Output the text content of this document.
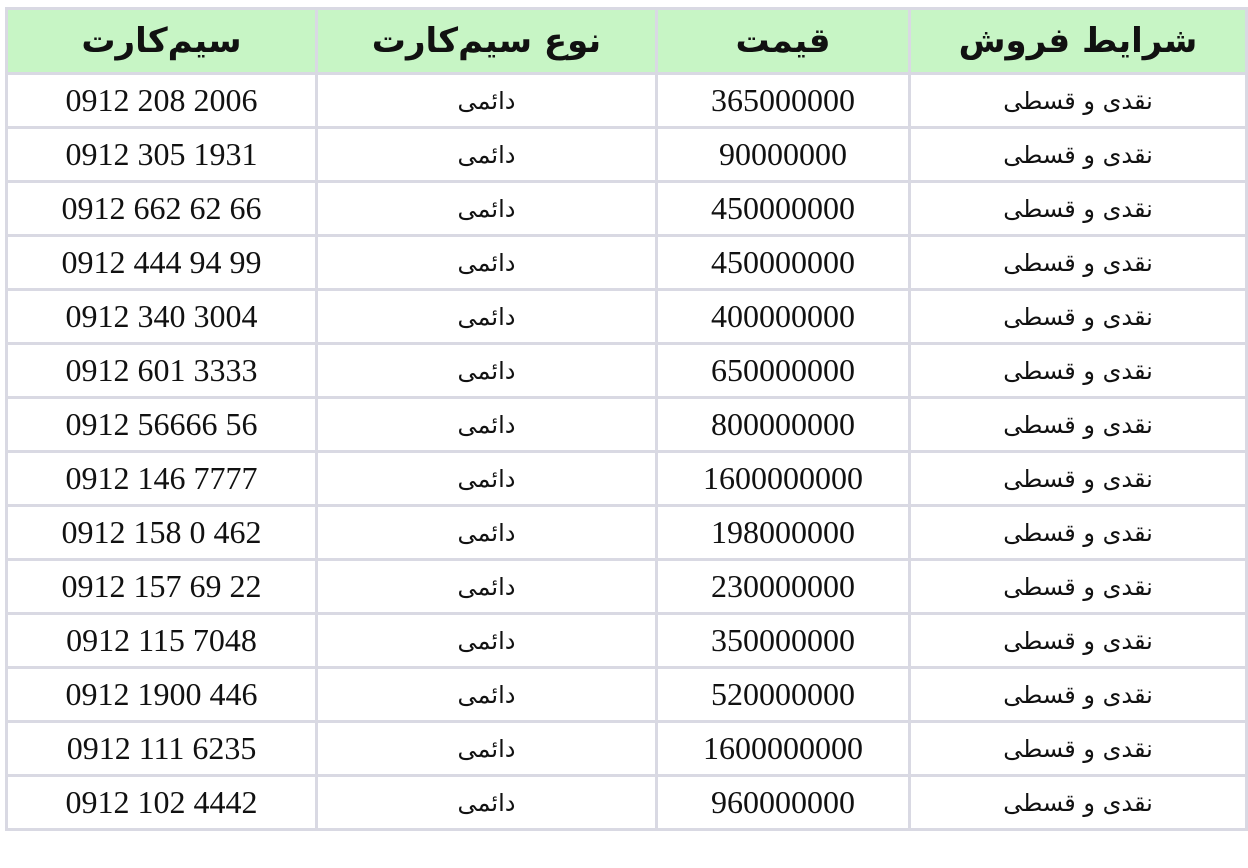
سیم‌کارت	نوع سیم‌کارت	قیمت	شرایط فروش
0912 208 2006	دائمی	365000000	نقدی و قسطی
0912 305 1931	دائمی	90000000	نقدی و قسطی
0912 662 62 66	دائمی	450000000	نقدی و قسطی
0912 444 94 99	دائمی	450000000	نقدی و قسطی
0912 340 3004	دائمی	400000000	نقدی و قسطی
0912 601 3333	دائمی	650000000	نقدی و قسطی
0912 56666 56	دائمی	800000000	نقدی و قسطی
0912 146 7777	دائمی	1600000000	نقدی و قسطی
0912 158 0 462	دائمی	198000000	نقدی و قسطی
0912 157 69 22	دائمی	230000000	نقدی و قسطی
0912 115 7048	دائمی	350000000	نقدی و قسطی
0912 1900 446	دائمی	520000000	نقدی و قسطی
0912 111 6235	دائمی	1600000000	نقدی و قسطی
0912 102 4442	دائمی	960000000	نقدی و قسطی
